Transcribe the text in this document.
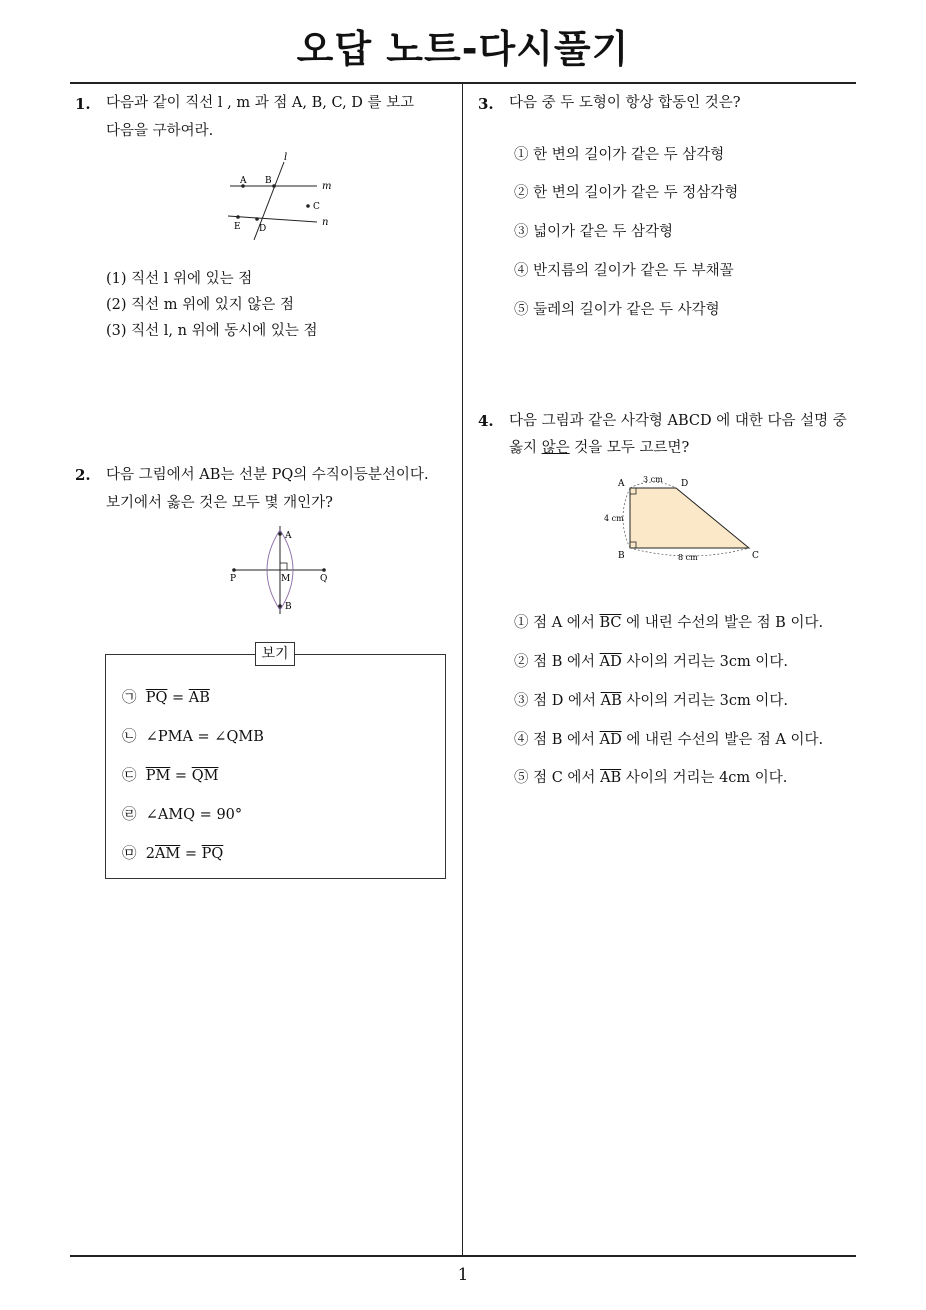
오답 노트-다시풀기
1. 다음과 같이 직선 l , m 과 점 A, B, C, D 를 보고
다음을 구하여라.
l
m
n
A B
C
E D
(1) 직선 l 위에 있는 점
(2) 직선 m 위에 있지 않은 점
(3) 직선 l, n 위에 동시에 있는 점
2. 다음 그림에서 AB는 선분 PQ의 수직이등분선이다.
보기에서 옳은 것은 모두 몇 개인가?
A
B
P	M	Q
보기
㉠ $\overline{PQ} = \overline{AB}$
㉡ ∠PMA = ∠QMB
㉢ $\overline{PM} = \overline{QM}$
㉣ ∠AMQ = 90°
㉤  $2\overline{AM} = \overline{PQ}$
3. 다음 중 두 도형이 항상 합동인 것은?
① 한 변의 길이가 같은 두 삼각형
② 한 변의 길이가 같은 두 정삼각형
③ 넓이가 같은 두 삼각형
④ 반지름의 길이가 같은 두 부채꼴
⑤ 둘레의 길이가 같은 두 사각형
4. 다음 그림과 같은 사각형 ABCD 에 대한 다음 설명 중
옳지 않은 것을 모두 고르면?
A	D
B	C
3 cm
4 cm
8 cm
① 점 A 에서 $\overline{BC}$ 에 내린 수선의 발은 점 B 이다.
② 점 B 에서 $\overline{AD}$ 사이의 거리는 3cm 이다.
③ 점 D 에서 $\overline{AB}$ 사이의 거리는 3cm 이다.
④ 점 B 에서 $\overline{AD}$ 에 내린 수선의 발은 점 A 이다.
⑤ 점 C 에서 $\overline{AB}$ 사이의 거리는 4cm 이다.
1
